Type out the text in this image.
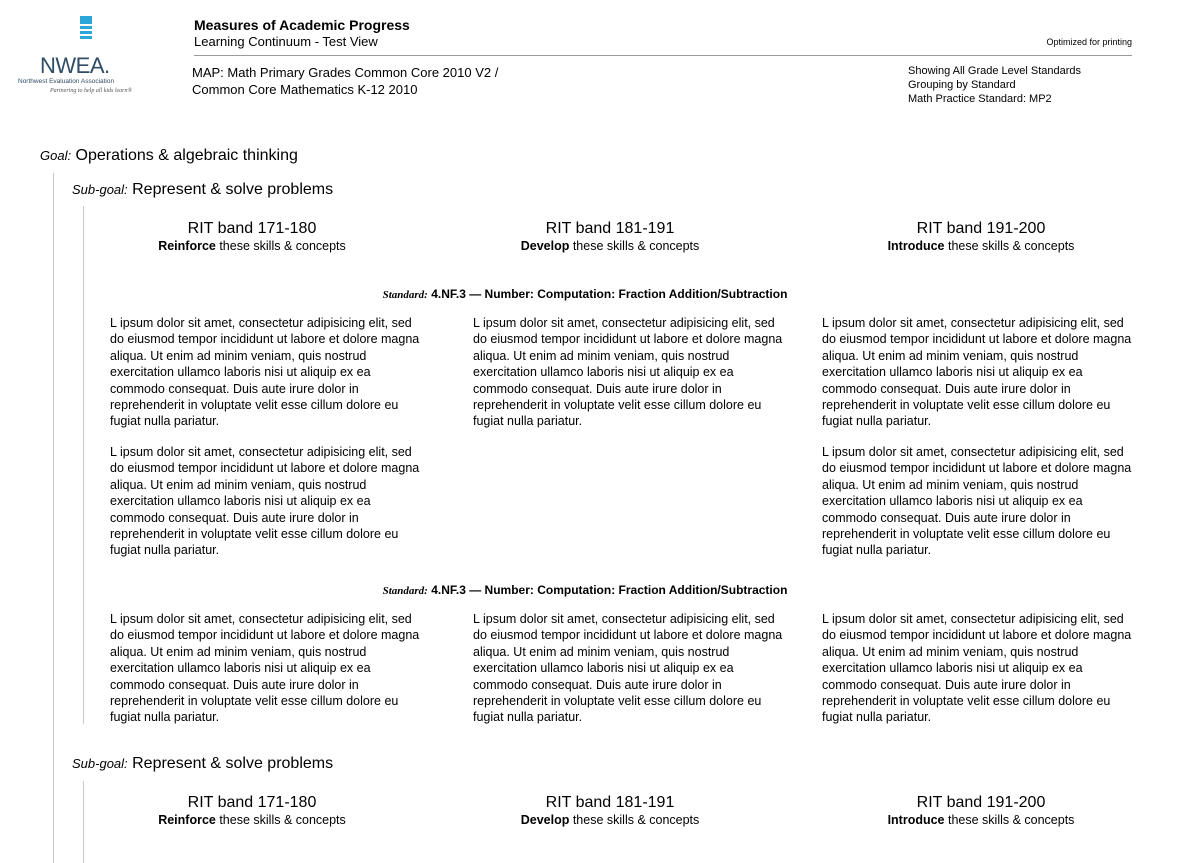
NWEA.
Northwest Evaluation Association
Partnering to help all kids learn®
Measures of Academic Progress
Learning Continuum - Test View	Optimized for printing
MAP: Math Primary Grades Common Core 2010 V2 /
Common Core Mathematics K-12 2010
Showing All Grade Level Standards
Grouping by Standard
Math Practice Standard: MP2
Goal: Operations & algebraic thinking
Sub-goal: Represent & solve problems
RIT band 171-180
Reinforce these skills & concepts
RIT band 181-191
Develop these skills & concepts
RIT band 191-200
Introduce these skills & concepts
Standard: 4.NF.3 — Number: Computation: Fraction Addition/Subtraction
L ipsum dolor sit amet, consectetur adipisicing elit, sed do eiusmod tempor incididunt ut labore et dolore magna aliqua. Ut enim ad minim veniam, quis nostrud exercitation ullamco laboris nisi ut aliquip ex ea commodo consequat. Duis aute irure dolor in reprehenderit in voluptate velit esse cillum dolore eu fugiat nulla pariatur.
L ipsum dolor sit amet, consectetur adipisicing elit, sed do eiusmod tempor incididunt ut labore et dolore magna aliqua. Ut enim ad minim veniam, quis nostrud exercitation ullamco laboris nisi ut aliquip ex ea commodo consequat. Duis aute irure dolor in reprehenderit in voluptate velit esse cillum dolore eu fugiat nulla pariatur.
L ipsum dolor sit amet, consectetur adipisicing elit, sed do eiusmod tempor incididunt ut labore et dolore magna aliqua. Ut enim ad minim veniam, quis nostrud exercitation ullamco laboris nisi ut aliquip ex ea commodo consequat. Duis aute irure dolor in reprehenderit in voluptate velit esse cillum dolore eu fugiat nulla pariatur.
L ipsum dolor sit amet, consectetur adipisicing elit, sed do eiusmod tempor incididunt ut labore et dolore magna aliqua. Ut enim ad minim veniam, quis nostrud exercitation ullamco laboris nisi ut aliquip ex ea commodo consequat. Duis aute irure dolor in reprehenderit in voluptate velit esse cillum dolore eu fugiat nulla pariatur.
L ipsum dolor sit amet, consectetur adipisicing elit, sed do eiusmod tempor incididunt ut labore et dolore magna aliqua. Ut enim ad minim veniam, quis nostrud exercitation ullamco laboris nisi ut aliquip ex ea commodo consequat. Duis aute irure dolor in reprehenderit in voluptate velit esse cillum dolore eu fugiat nulla pariatur.
Standard: 4.NF.3 — Number: Computation: Fraction Addition/Subtraction
L ipsum dolor sit amet, consectetur adipisicing elit, sed do eiusmod tempor incididunt ut labore et dolore magna aliqua. Ut enim ad minim veniam, quis nostrud exercitation ullamco laboris nisi ut aliquip ex ea commodo consequat. Duis aute irure dolor in reprehenderit in voluptate velit esse cillum dolore eu fugiat nulla pariatur.
L ipsum dolor sit amet, consectetur adipisicing elit, sed do eiusmod tempor incididunt ut labore et dolore magna aliqua. Ut enim ad minim veniam, quis nostrud exercitation ullamco laboris nisi ut aliquip ex ea commodo consequat. Duis aute irure dolor in reprehenderit in voluptate velit esse cillum dolore eu fugiat nulla pariatur.
L ipsum dolor sit amet, consectetur adipisicing elit, sed do eiusmod tempor incididunt ut labore et dolore magna aliqua. Ut enim ad minim veniam, quis nostrud exercitation ullamco laboris nisi ut aliquip ex ea commodo consequat. Duis aute irure dolor in reprehenderit in voluptate velit esse cillum dolore eu fugiat nulla pariatur.
Sub-goal: Represent & solve problems
RIT band 171-180
Reinforce these skills & concepts
RIT band 181-191
Develop these skills & concepts
RIT band 191-200
Introduce these skills & concepts
